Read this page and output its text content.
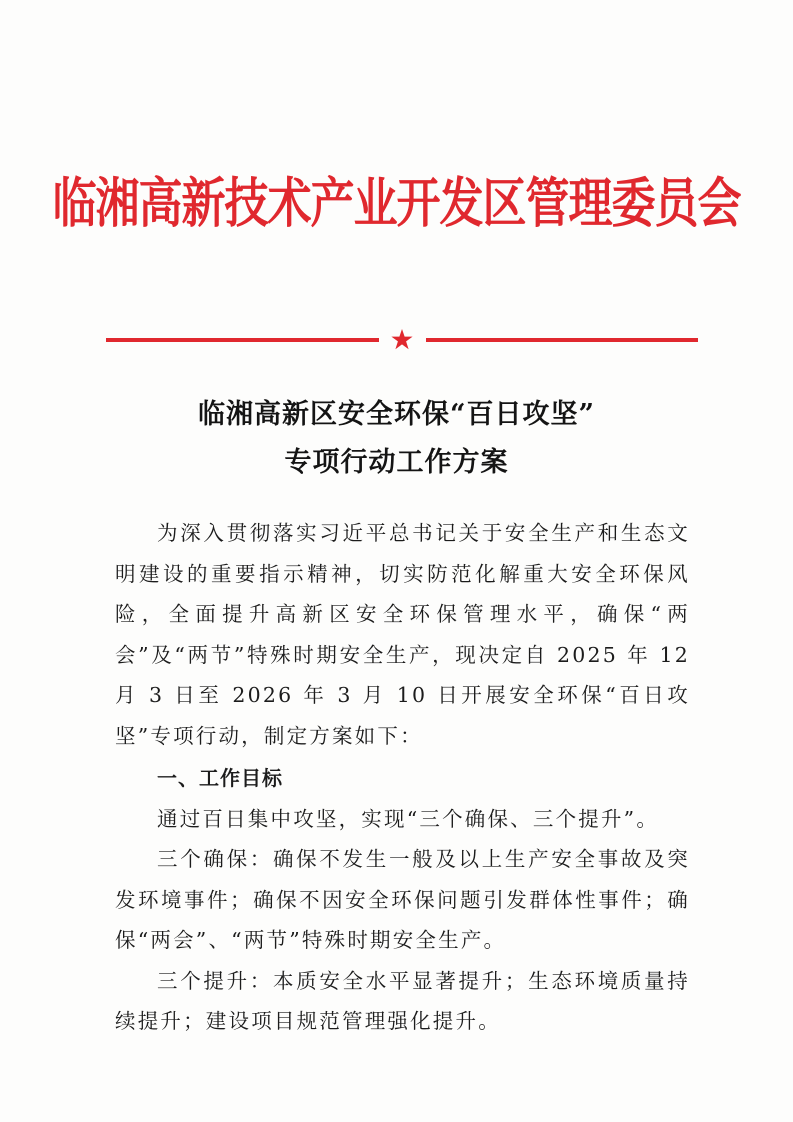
临湘高新技术产业开发区管理委员会
临湘高新区安全环保“百日攻坚”
专项行动工作方案

为深入贯彻落实习近平总书记关于安全生产和生态文明建设的重要指示精神，切实防范化解重大安全环保风险，全面提升高新区安全环保管理水平，确保“两会”及“两节”特殊时期安全生产，现决定自 2025 年 12 月 3 日至 2026 年 3 月 10 日开展安全环保“百日攻坚”专项行动，制定方案如下：

一、工作目标

通过百日集中攻坚，实现“三个确保、三个提升”。

三个确保：确保不发生一般及以上生产安全事故及突发环境事件；确保不因安全环保问题引发群体性事件；确保“两会”、“两节”特殊时期安全生产。

三个提升：本质安全水平显著提升；生态环境质量持续提升；建设项目规范管理强化提升。
